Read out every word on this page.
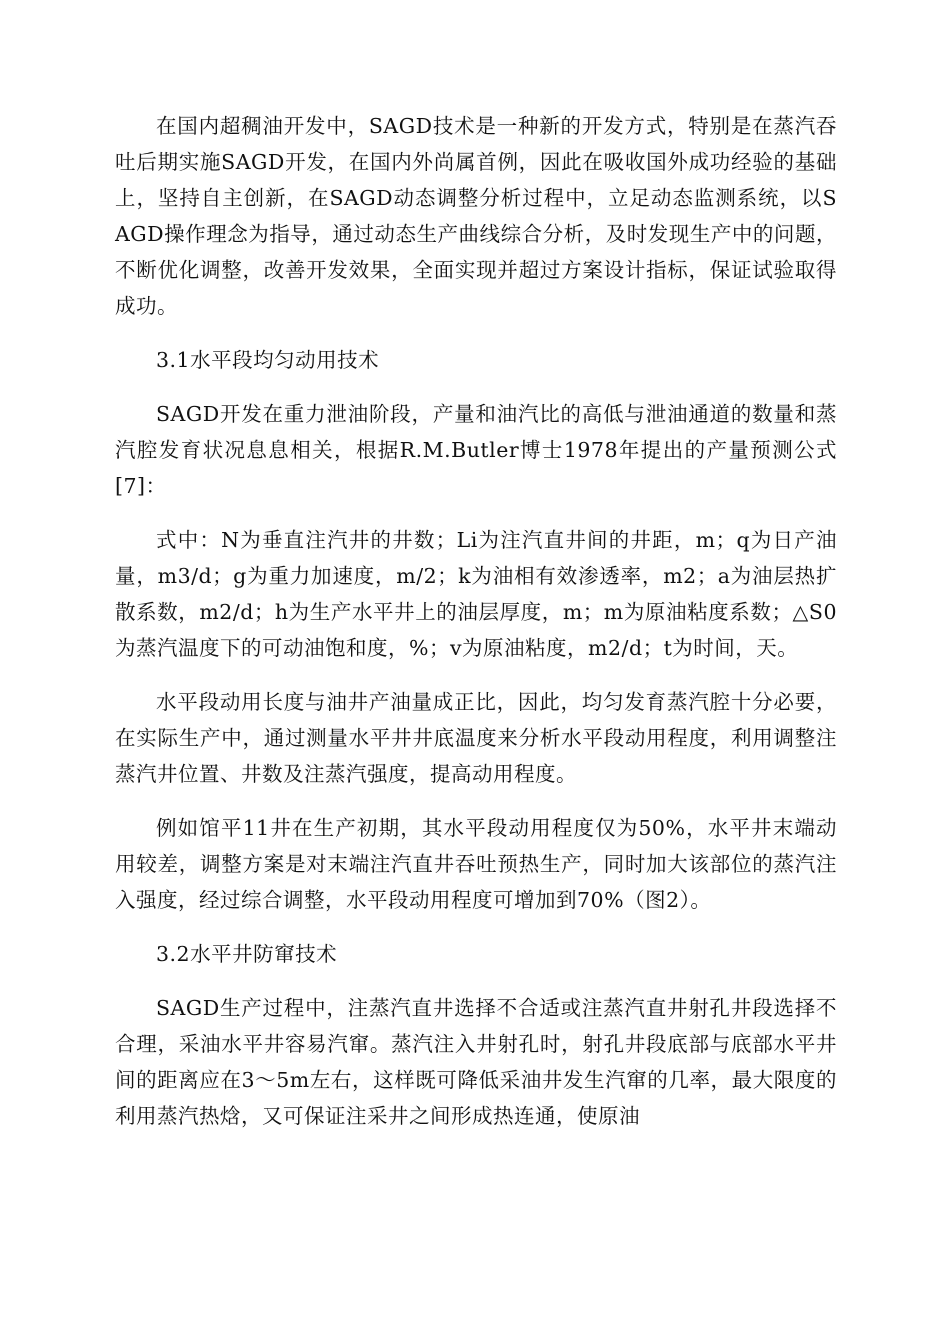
在国内超稠油开发中，SAGD技术是一种新的开发方式，特别是在蒸汽吞吐后期实施SAGD开发，在国内外尚属首例，因此在吸收国外成功经验的基础上，坚持自主创新，在SAGD动态调整分析过程中，立足动态监测系统，以SAGD操作理念为指导，通过动态生产曲线综合分析，及时发现生产中的问题，不断优化调整，改善开发效果，全面实现并超过方案设计指标，保证试验取得成功。

3.1水平段均匀动用技术

SAGD开发在重力泄油阶段，产量和油汽比的高低与泄油通道的数量和蒸汽腔发育状况息息相关，根据R.M.Butler博士1978年提出的产量预测公式[7]：

式中：N为垂直注汽井的井数；Li为注汽直井间的井距，m；q为日产油量，m3/d；g为重力加速度，m/2；k为油相有效渗透率，m2；a为油层热扩散系数，m2/d；h为生产水平井上的油层厚度，m；m为原油粘度系数；△S0为蒸汽温度下的可动油饱和度，%；v为原油粘度，m2/d；t为时间，天。

水平段动用长度与油井产油量成正比，因此，均匀发育蒸汽腔十分必要，在实际生产中，通过测量水平井井底温度来分析水平段动用程度，利用调整注蒸汽井位置、井数及注蒸汽强度，提高动用程度。

例如馆平11井在生产初期，其水平段动用程度仅为50%，水平井末端动用较差，调整方案是对末端注汽直井吞吐预热生产，同时加大该部位的蒸汽注入强度，经过综合调整，水平段动用程度可增加到70%（图2）。

3.2水平井防窜技术

SAGD生产过程中，注蒸汽直井选择不合适或注蒸汽直井射孔井段选择不合理，采油水平井容易汽窜。蒸汽注入井射孔时，射孔井段底部与底部水平井间的距离应在3～5m左右，这样既可降低采油井发生汽窜的几率，最大限度的利用蒸汽热焓，又可保证注采井之间形成热连通，使原油
